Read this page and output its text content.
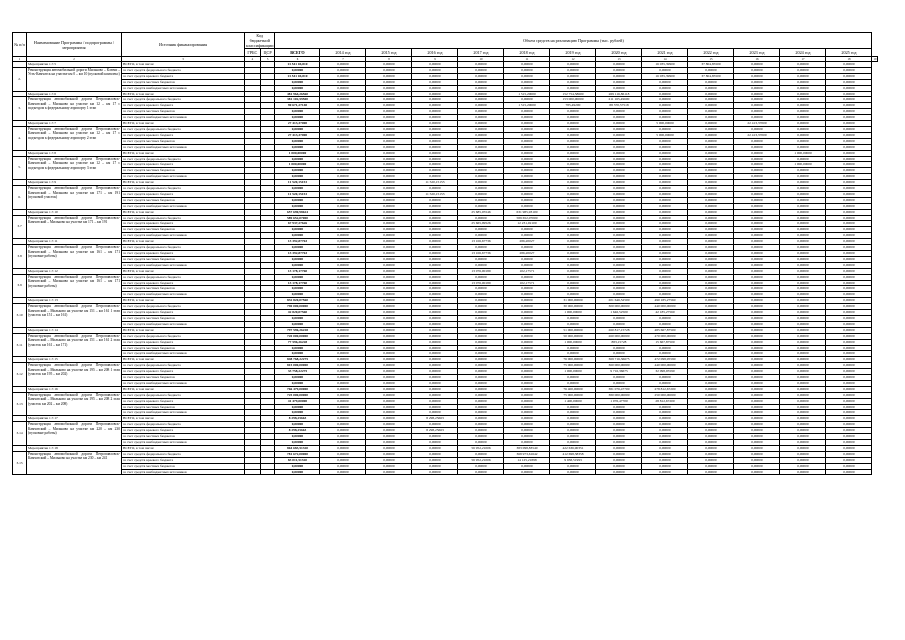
№ п/п	Наименование Программы / подпрограммы / мероприятия	Источник финансирования	Код бюджетной классификации		Объем средств на реализацию Программы (тыс. рублей)													
			ГРБС	ЦСР	ВСЕГО	2014 год	2015 год	2016 год	2017 год	2018 год	2019 год	2020 год	2021 год	2022 год	2023 год	2024 год	2025 год	

1	2	3	4	5	6	7	8	9	10	11	12	13	14	15	16	17	18	19
	Мероприятие 1.7.5	ВСЕГО, в том числе:			13 541 04,810	0,00000	0,00000	0,00000	0,00000	0,00000	0,00000	0,00000	16 035,39900	37 804,85500	0,00000	0,00000	0,00000	
2.	Реконструкция автомобильной дороги Мильково – Ключи – Усть-Камчатск на участке км 0 – км 10 (пусковой комплекс)	за счет средств федерального бюджета			0,00000	0,00000	0,00000	0,00000	0,00000	0,00000	0,00000	0,00000	0,00000	0,00000	0,00000	0,00000	0,00000	
		за счет средств краевого бюджета			13 541 04,810	0,00000	0,00000	0,00000	0,00000	0,00000	0,00000	0,00000	16 035,39900	37 804,85500	0,00000	0,00000	0,00000	
		за счет средств местных бюджетов			0,00000	0,00000	0,00000	0,00000	0,00000	0,00000	0,00000	0,00000	0,00000	0,00000	0,00000	0,00000	0,00000	
		за счет средств внебюджетных источников			0,00000	0,00000	0,00000	0,00000	0,00000	0,00000	0,00000	0,00000	0,00000	0,00000	0,00000	0,00000	0,00000	
	Мероприятие 1.7.6	ВСЕГО, в том числе:			481 964,26560	0,00000	0,00000	0,00000	0,00000	1 515,20000	152 754,58600	269 116,86118	0,00000	0,00000	0,00000	0,00000	0,00000	
3.	Реконструкция автомобильной дороги Петропавловск-Камчатский – Мильково на участке км 12 – км 17 с подъездом к федеральному аэропорту 1 этап	за счет средств федерального бюджета			381 102,59500	0,00000	0,00000	0,00000	0,00000	0,00000	153 000,00000	211 165,49600	0,00000	0,00000	0,00000	0,00000	0,00000	
		за счет средств краевого бюджета			90 671,27140	0,00000	0,00000	0,00000	0,00000	1 515,20000	785,49200	88 370,57518	0,00000	0,00000	0,00000	0,00000	0,00000	
		за счет средств местных бюджетов			0,00000	0,00000	0,00000	0,00000	0,00000	0,00000	0,00000	0,00000	0,00000	0,00000	0,00000	0,00000	0,00000	
		за счет средств внебюджетных источников			0,00000	0,00000	0,00000	0,00000	0,00000	0,00000	0,00000	0,00000	0,00000	0,00000	0,00000	0,00000	0,00000	
	Мероприятие 1.7.7	ВСЕГО, в том числе:			27 413,37000	0,00000	0,00000	0,00000	0,00000	0,00000	0,00000	0,00000	5 000,00000	0,00000	22 413,37000	0,00000	0,00000	
4.	Реконструкция автомобильной дороги Петропавловск-Камчатский – Мильково на участке км 12 – км 17 с подъездом к федеральному аэропорту 2 этап	за счет средств федерального бюджета			0,00000	0,00000	0,00000	0,00000	0,00000	0,00000	0,00000	0,00000	0,00000	0,00000	0,00000	0,00000	0,00000	
		за счет средств краевого бюджета			27 413,37000	0,00000	0,00000	0,00000	0,00000	0,00000	0,00000	0,00000	5 000,00000	0,00000	22 413,37000	0,00000	0,00000	
		за счет средств местных бюджетов			0,00000	0,00000	0,00000	0,00000	0,00000	0,00000	0,00000	0,00000	0,00000	0,00000	0,00000	0,00000	0,00000	
		за счет средств внебюджетных источников			0,00000	0,00000	0,00000	0,00000	0,00000	0,00000	0,00000	0,00000	0,00000	0,00000	0,00000	0,00000	0,00000	
	Мероприятие 1.7.8	ВСЕГО, в том числе:			1 000,00000	0,00000	0,00000	0,00000	0,00000	0,00000	0,00000	0,00000	0,00000	0,00000	0,00000	1 000,00000	0,00000	
5.	Реконструкция автомобильной дороги Петропавловск-Камчатский – Мильково на участке км 12 – км 17 с подъездом к федеральному аэропорту 3 этап	за счет средств федерального бюджета			0,00000	0,00000	0,00000	0,00000	0,00000	0,00000	0,00000	0,00000	0,00000	0,00000	0,00000	0,00000	0,00000	
		за счет средств краевого бюджета			1 000,00000	0,00000	0,00000	0,00000	0,00000	0,00000	0,00000	0,00000	0,00000	0,00000	0,00000	1 000,00000	0,00000	
		за счет средств местных бюджетов			0,00000	0,00000	0,00000	0,00000	0,00000	0,00000	0,00000	0,00000	0,00000	0,00000	0,00000	0,00000	0,00000	
		за счет средств внебюджетных источников			0,00000	0,00000	0,00000	0,00000	0,00000	0,00000	0,00000	0,00000	0,00000	0,00000	0,00000	0,00000	0,00000	
	Мероприятие 1.7.9	ВСЕГО, в том числе:			11 520,15153	0,00000	0,00000	11 520,15153	0,00000	0,00000	0,00000	0,00000	0,00000	0,00000	0,00000	0,00000	0,00000	
6.	Реконструкция автомобильной дороги Петропавловск-Камчатский – Мильково на участке км 171 – км 191 (пусковой участок)	за счет средств федерального бюджета			0,00000	0,00000	0,00000	0,00000	0,00000	0,00000	0,00000	0,00000	0,00000	0,00000	0,00000	0,00000	0,00000	
		за счет средств краевого бюджета			11 520,15153	0,00000	0,00000	11 520,15153	0,00000	0,00000	0,00000	0,00000	0,00000	0,00000	0,00000	0,00000	0,00000	
		за счет средств местных бюджетов			0,00000	0,00000	0,00000	0,00000	0,00000	0,00000	0,00000	0,00000	0,00000	0,00000	0,00000	0,00000	0,00000	
		за счет средств внебюджетных источников			0,00000	0,00000	0,00000	0,00000	0,00000	0,00000	0,00000	0,00000	0,00000	0,00000	0,00000	0,00000	0,00000	
	Мероприятие 1.7.10	ВСЕГО, в том числе:			657 690,98624	0,00000	0,00000	0,00000	25 685,05546	631 985,93100	0,00000	0,00000	0,00000	0,00000	0,00000	0,00000	0,00000	
3.7	Реконструкция автомобильной дороги Петропавловск-Камчатский – Мильково на участке км 171 – км 191	за счет средств федерального бюджета			589 652,07000	0,00000	0,00000	0,00000	0,00000	589 652,07000	0,00000	0,00000	0,00000	0,00000	0,00000	0,00000	0,00000	
		за счет средств краевого бюджета			67 937,27626	0,00000	0,00000	0,00000	25 665,99526	12 231,02100	0,00000	0,00000	0,00000	0,00000	0,00000	0,00000	0,00000	
		за счет средств местных бюджетов			0,00000	0,00000	0,00000	0,00000	0,00000	0,00000	0,00000	0,00000	0,00000	0,00000	0,00000	0,00000	0,00000	
		за счет средств внебюджетных источников			0,00000	0,00000	0,00000	0,00000	0,00000	0,00000	0,00000	0,00000	0,00000	0,00000	0,00000	0,00000	0,00000	
	Мероприятие 1.7.11	ВСЕГО, в том числе:			13 392,87763	0,00000	0,00000	0,00000	13 106,67736	286,20027	0,00000	0,00000	0,00000	0,00000	0,00000	0,00000	0,00000	
3.8	Реконструкция автомобильной дороги Петропавловск-Камчатский – Мильково на участке км 161 – км 171 (пусковые работы)	за счет средств федерального бюджета			0,00000	0,00000	0,00000	0,00000	0,00000	0,00000	0,00000	0,00000	0,00000	0,00000	0,00000	0,00000	0,00000	
		за счет средств краевого бюджета			13 392,87763	0,00000	0,00000	0,00000	13 106,67736	286,20027	0,00000	0,00000	0,00000	0,00000	0,00000	0,00000	0,00000	
		за счет средств местных бюджетов			0,00000	0,00000	0,00000	0,00000	0,00000	0,00000	0,00000	0,00000	0,00000	0,00000	0,00000	0,00000	0,00000	
		за счет средств внебюджетных источников			0,00000	0,00000	0,00000	0,00000	0,00000	0,00000	0,00000	0,00000	0,00000	0,00000	0,00000	0,00000	0,00000	
	Мероприятие 1.7.12	ВСЕГО, в том числе:			13 178,17760	0,00000	0,00000	0,00000	13 076,00189	102,17571	0,00000	0,00000	0,00000	0,00000	0,00000	0,00000	0,00000	
3.9	Реконструкция автомобильной дороги Петропавловск-Камчатский – Мильково на участке км 161 – км 171 (пусковые работы)	за счет средств федерального бюджета			0,00000	0,00000	0,00000	0,00000	0,00000	0,00000	0,00000	0,00000	0,00000	0,00000	0,00000	0,00000	0,00000	
		за счет средств краевого бюджета			13 178,17760	0,00000	0,00000	0,00000	13 076,00189	102,17571	0,00000	0,00000	0,00000	0,00000	0,00000	0,00000	0,00000	
		за счет средств местных бюджетов			0,00000	0,00000	0,00000	0,00000	0,00000	0,00000	0,00000	0,00000	0,00000	0,00000	0,00000	0,00000	0,00000	
		за счет средств внебюджетных источников			0,00000	0,00000	0,00000	0,00000	0,00000	0,00000	0,00000	0,00000	0,00000	0,00000	0,00000	0,00000	0,00000	
	Мероприятие 1.7.13	ВСЕГО, в том числе:			832 820,07560	0,00000	0,00000	0,00000	0,00000	0,00000	31 000,00000	201 646,52500	490 185,27560	0,00000	0,00000	0,00000	0,00000	
3.10	Реконструкция автомобильной дороги Петропавловск-Камчатский – Мильково на участке км 151 – км 161 1 этап (участок км 151 – км 161)	за счет средств федерального бюджета			790 000,00000	0,00000	0,00000	0,00000	0,00000	0,00000	30 000,00000	300 000,00000	440 000,00000	0,00000	0,00000	0,00000	0,00000	
		за счет средств краевого бюджета			42 820,07560	0,00000	0,00000	0,00000	0,00000	0,00000	1 000,00000	1 646,52500	42 185,27560	0,00000	0,00000	0,00000	0,00000	
		за счет средств местных бюджетов			0,00000	0,00000	0,00000	0,00000	0,00000	0,00000	0,00000	0,00000	0,00000	0,00000	0,00000	0,00000	0,00000	
		за счет средств внебюджетных источников			0,00000	0,00000	0,00000	0,00000	0,00000	0,00000	0,00000	0,00000	0,00000	0,00000	0,00000	0,00000	0,00000	
	Мероприятие 1.7.14	ВСЕГО, в том числе:			797 596,26228	0,00000	0,00000	0,00000	0,00000	0,00000	51 000,00000	260 817,15728	485 667,87500	0,00000	0,00000	0,00000	0,00000	
3.11	Реконструкция автомобильной дороги Петропавловск-Камчатский – Мильково на участке км 151 – км 161 2 этап (участок км 161 – км 171)	за счет средств федерального бюджета			720 000,00000	0,00000	0,00000	0,00000	0,00000	0,00000	50 000,00000	260 000,00000	470 000,00000	0,00000	0,00000	0,00000	0,00000	
		за счет средств краевого бюджета			77 596,26228	0,00000	0,00000	0,00000	0,00000	0,00000	1 000,00000	883,15728	15 667,87500	0,00000	0,00000	0,00000	0,00000	
		за счет средств местных бюджетов			0,00000	0,00000	0,00000	0,00000	0,00000	0,00000	0,00000	0,00000	0,00000	0,00000	0,00000	0,00000	0,00000	
		за счет средств внебюджетных источников			0,00000	0,00000	0,00000	0,00000	0,00000	0,00000	0,00000	0,00000	0,00000	0,00000	0,00000	0,00000	0,00000	
	Мероприятие 1.7.15	ВСЕГО, в том числе:			848 768,22275	0,00000	0,00000	0,00000	0,00000	0,00000	76 000,00000	369 716,36675	472 098,95590	0,00000	0,00000	0,00000	0,00000	
3.12	Реконструкция автомобильной дороги Петропавловск-Камчатский – Мильково на участке км 195 – км 208 1 этап (участок км 195 – км 202)	за счет средств федерального бюджета			815 000,00000	0,00000	0,00000	0,00000	0,00000	0,00000	75 000,00000	360 000,00000	440 000,00000	0,00000	0,00000	0,00000	0,00000	
		за счет средств краевого бюджета			33 758,22275	0,00000	0,00000	0,00000	0,00000	0,00000	1 000,00000	9 716,36675	32 098,95590	0,00000	0,00000	0,00000	0,00000	
		за счет средств местных бюджетов			0,00000	0,00000	0,00000	0,00000	0,00000	0,00000	0,00000	0,00000	0,00000	0,00000	0,00000	0,00000	0,00000	
		за счет средств внебюджетных источников			0,00000	0,00000	0,00000	0,00000	0,00000	0,00000	0,00000	0,00000	0,00000	0,00000	0,00000	0,00000	0,00000	
	Мероприятие 1.7.16	ВСЕГО, в том числе:			766 479,00000	0,00000	0,00000	0,00000	0,00000	0,00000	76 400,00000	381 076,47700	278 812,67200	0,00000	0,00000	0,00000	0,00000	
3.13	Реконструкция автомобильной дороги Петропавловск-Камчатский – Мильково на участке км 195 – км 208 2 этап (участок км 202 – км 208)	за счет средств федерального бюджета			725 000,00000	0,00000	0,00000	0,00000	0,00000	0,00000	75 000,00000	380 000,00000	250 000,00000	0,00000	0,00000	0,00000	0,00000	
		за счет средств краевого бюджета			41 479,00000	0,00000	0,00000	0,00000	0,00000	0,00000	1 400,00000	1 076,47700	28 812,67200	0,00000	0,00000	0,00000	0,00000	
		за счет средств местных бюджетов			0,00000	0,00000	0,00000	0,00000	0,00000	0,00000	0,00000	0,00000	0,00000	0,00000	0,00000	0,00000	0,00000	
		за счет средств внебюджетных источников			0,00000	0,00000	0,00000	0,00000	0,00000	0,00000	0,00000	0,00000	0,00000	0,00000	0,00000	0,00000	0,00000	
	Мероприятие 1.7.17	ВСЕГО, в том числе:			8 298,25663	0,00000	0,00000	8 298,25663	0,00000	0,00000	0,00000	0,00000	0,00000	0,00000	0,00000	0,00000	0,00000	
3.14	Реконструкция автомобильной дороги Петропавловск-Камчатский – Мильково на участке км 220 – км 230 (пусковые работы)	за счет средств федерального бюджета			0,00000	0,00000	0,00000	0,00000	0,00000	0,00000	0,00000	0,00000	0,00000	0,00000	0,00000	0,00000	0,00000	
		за счет средств краевого бюджета			8 298,25663	0,00000	0,00000	8 298,25663	0,00000	0,00000	0,00000	0,00000	0,00000	0,00000	0,00000	0,00000	0,00000	
		за счет средств местных бюджетов			0,00000	0,00000	0,00000	0,00000	0,00000	0,00000	0,00000	0,00000	0,00000	0,00000	0,00000	0,00000	0,00000	
		за счет средств внебюджетных источников			0,00000	0,00000	0,00000	0,00000	0,00000	0,00000	0,00000	0,00000	0,00000	0,00000	0,00000	0,00000	0,00000	
	Мероприятие 1.7.18	ВСЕГО, в том числе:			864 683,51320	0,00000	0,00000	0,00000	56 952,21006	383 098,83540	422 636,90351	0,00000	0,00000	0,00000	0,00000	0,00000	0,00000	
3.15	Реконструкция автомобильной дороги Петропавловск-Камчатский – Мильково на участке км 230 – км 241	за счет средств федерального бюджета			781 672,00000	0,00000	0,00000	0,00000	0,00000	368 973,61642	412 698,38358	0,00000	0,00000	0,00000	0,00000	0,00000	0,00000	
		за счет средств краевого бюджета			83 011,51320	0,00000	0,00000	0,00000	56 952,21006	14 125,21898	9 938,51993	0,00000	0,00000	0,00000	0,00000	0,00000	0,00000	
		за счет средств местных бюджетов			0,00000	0,00000	0,00000	0,00000	0,00000	0,00000	0,00000	0,00000	0,00000	0,00000	0,00000	0,00000	0,00000	
		за счет средств внебюджетных источников			0,00000	0,00000	0,00000	0,00000	0,00000	0,00000	0,00000	0,00000	0,00000	0,00000	0,00000	0,00000	0,00000	
